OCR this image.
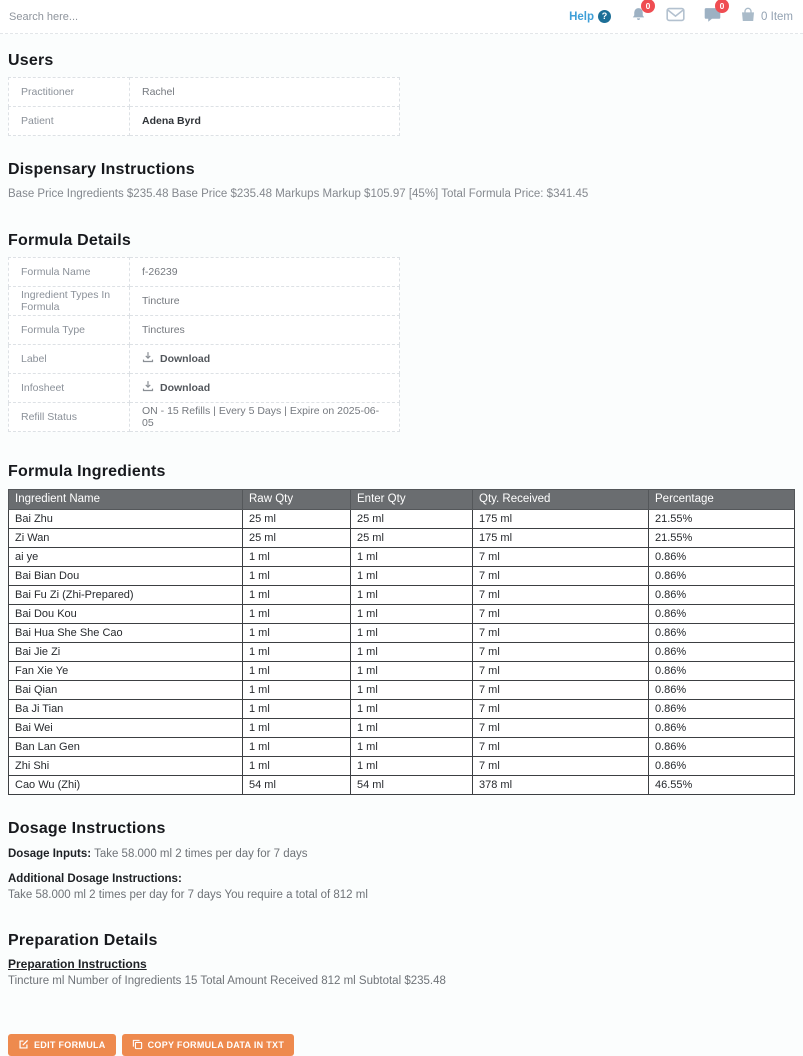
Search here...
Help ?
0	0
0 Item
Users
Practitioner	Rachel
Patient	Adena Byrd
Dispensary Instructions
Base Price Ingredients $235.48 Base Price $235.48 Markups Markup $105.97 [45%] Total Formula Price: $341.45
Formula Details
Formula Name	f-26239
Ingredient Types In Formula	Tincture
Formula Type	Tinctures
Label	Download

Infosheet	Download

Refill Status	ON - 15 Refills | Every 5 Days | Expire on 2025-06-05
Formula Ingredients
Ingredient Name	Raw Qty	Enter Qty	Qty. Received	Percentage
Bai Zhu	25 ml	25 ml	175 ml	21.55%
Zi Wan	25 ml	25 ml	175 ml	21.55%
ai ye	1 ml	1 ml	7 ml	0.86%
Bai Bian Dou	1 ml	1 ml	7 ml	0.86%
Bai Fu Zi (Zhi-Prepared)	1 ml	1 ml	7 ml	0.86%
Bai Dou Kou	1 ml	1 ml	7 ml	0.86%
Bai Hua She She Cao	1 ml	1 ml	7 ml	0.86%
Bai Jie Zi	1 ml	1 ml	7 ml	0.86%
Fan Xie Ye	1 ml	1 ml	7 ml	0.86%
Bai Qian	1 ml	1 ml	7 ml	0.86%
Ba Ji Tian	1 ml	1 ml	7 ml	0.86%
Bai Wei	1 ml	1 ml	7 ml	0.86%
Ban Lan Gen	1 ml	1 ml	7 ml	0.86%
Zhi Shi	1 ml	1 ml	7 ml	0.86%
Cao Wu (Zhi)	54 ml	54 ml	378 ml	46.55%
Dosage Instructions
Dosage Inputs: Take 58.000 ml 2 times per day for 7 days
Additional Dosage Instructions:
Take 58.000 ml 2 times per day for 7 days You require a total of 812 ml
Preparation Details
Preparation Instructions
Tincture ml Number of Ingredients 15 Total Amount Received 812 ml Subtotal $235.48
EDIT FORMULA	COPY FORMULA DATA IN TXT
